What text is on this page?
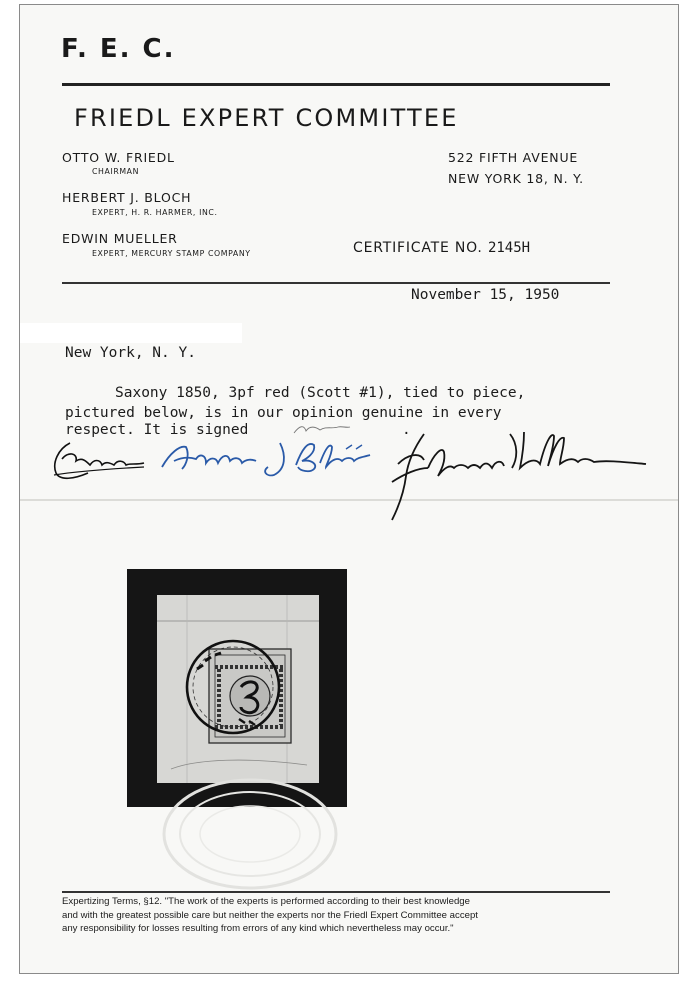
F. E. C.
FRIEDL EXPERT COMMITTEE
OTTO W. FRIEDL
CHAIRMAN
HERBERT J. BLOCH
EXPERT, H. R. HARMER, INC.
EDWIN MUELLER
EXPERT, MERCURY STAMP COMPANY
522 FIFTH AVENUE
NEW YORK 18, N. Y.
CERTIFICATE NO. 2145H
November 15, 1950
New York, N. Y.
Saxony 1850, 3pf red (Scott #1), tied to piece,
pictured below, is in our opinion genuine in every
respect. It is signed	.
Expertizing Terms, §12. "The work of the experts is performed according to their best knowledge
and with the greatest possible care but neither the experts nor the Friedl Expert Committee accept
any responsibility for losses resulting from errors of any kind which nevertheless may occur."
